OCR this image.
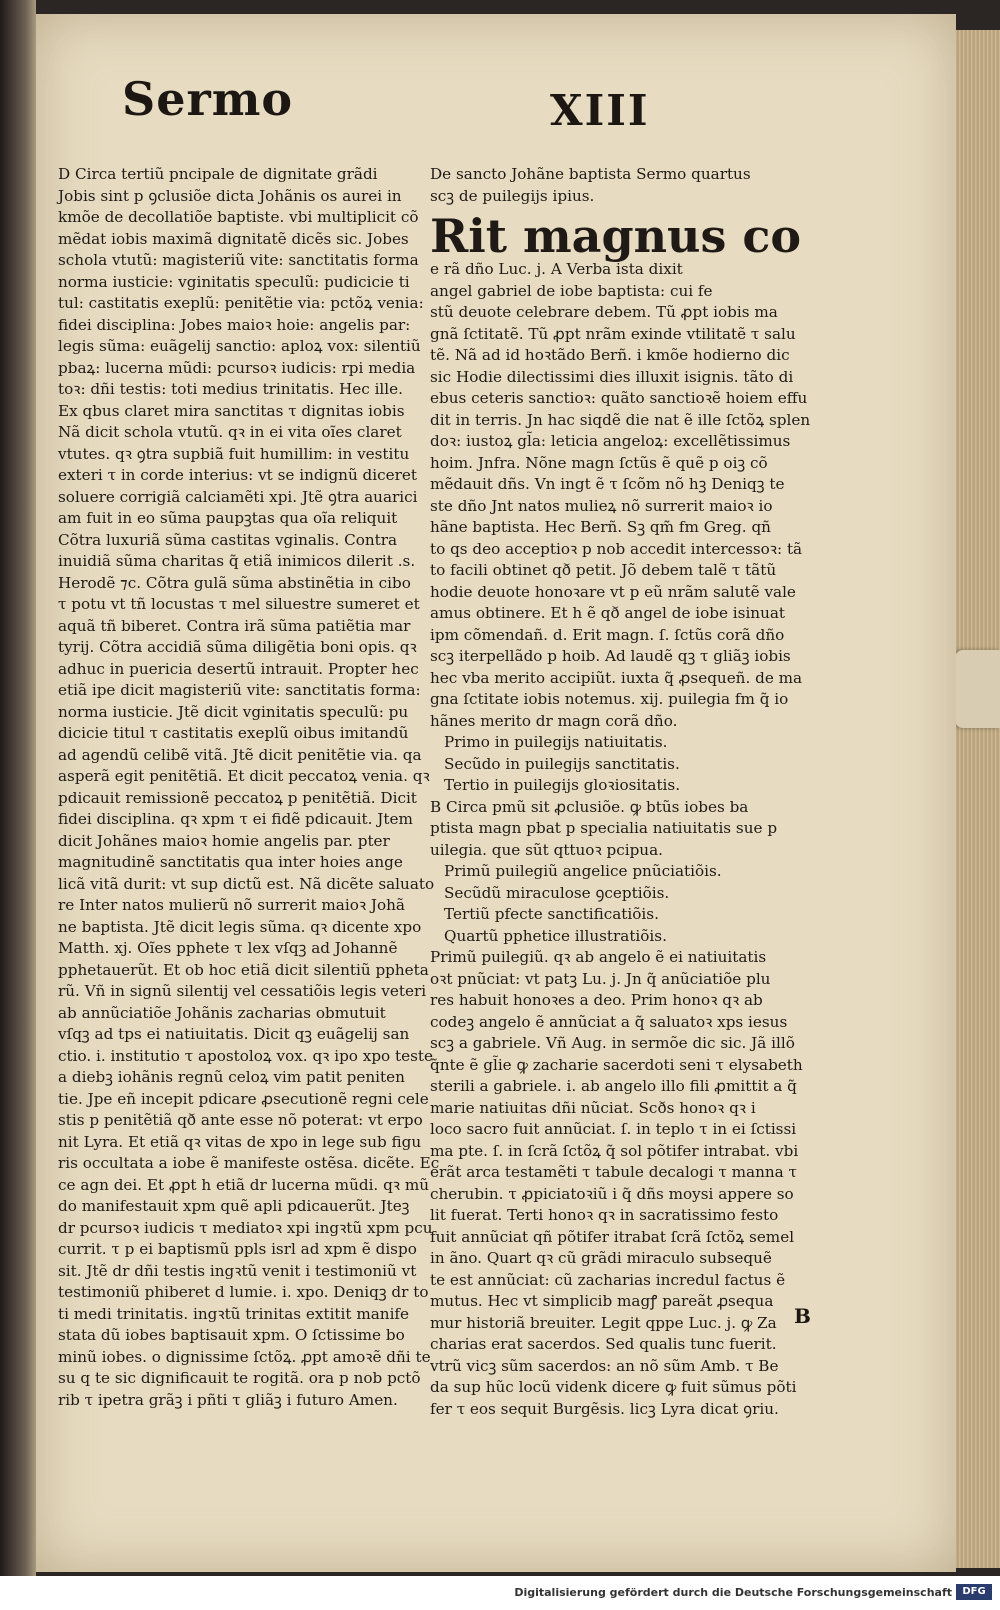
Sermo	XIII

D Circa tertiũ pncipale de dignitate grãdi

Jobis sint p ꝯclusiõe dicta Johãnis os aurei in

kmõe de decollatiõe baptiste. vbi multiplicit cõ

mẽdat iobis maximã dignitatẽ dicẽs sic. Jobes

schola vtutũ: magisteriũ vite: sanctitatis forma

norma iusticie: vginitatis speculũ: pudicicie ti

tul: castitatis exeplũ: penitẽtie via: pctõꝝ venia:

fidei disciplina: Jobes maioꝛ hoie: angelis par:

legis sũma: euãgelij sanctio: aploꝝ vox: silentiũ

pbaꝝ: lucerna mũdi: pcursoꝛ iudicis: rpi media

toꝛ: dñi testis: toti medius trinitatis. Hec ille.

Ex qbus claret mira sanctitas τ dignitas iobis

Nã dicit schola vtutũ. qꝛ in ei vita oĩes claret

vtutes. qꝛ ꝯtra supbiã fuit humillim: in vestitu

exteri τ in corde interius: vt se indignũ diceret

soluere corrigiã calciamẽti xpi. Jtẽ ꝯtra auarici

am fuit in eo sũma paupꝫtas qua oĩa reliquit

Cõtra luxuriã sũma castitas vginalis. Contra

inuidiã sũma charitas q̃ etiã inimicos dilerit .s.

Herodẽ ⁊c. Cõtra gulã sũma abstinẽtia in cibo

τ potu vt tñ locustas τ mel siluestre sumeret et

aquã tñ biberet. Contra irã sũma patiẽtia mar

tyrij. Cõtra accidiã sũma diligẽtia boni opis. qꝛ

adhuc in puericia desertũ intrauit. Propter hec

etiã ipe dicit magisteriũ vite: sanctitatis forma:

norma iusticie. Jtẽ dicit vginitatis speculũ: pu

dicicie titul τ castitatis exeplũ oibus imitandũ

ad agendũ celibẽ vitã. Jtẽ dicit penitẽtie via. qa

asperã egit penitẽtiã. Et dicit peccatoꝝ venia. qꝛ

pdicauit remissionẽ peccatoꝝ p penitẽtiã. Dicit

fidei disciplina. qꝛ xpm τ ei fidẽ pdicauit. Jtem

dicit Johãnes maioꝛ homie angelis par. pter

magnitudinẽ sanctitatis qua inter hoies ange

licã vitã durit: vt sup dictũ est. Nã dicẽte saluato

re Inter natos mulierũ nõ surrerit maioꝛ Johã

ne baptista. Jtẽ dicit legis sũma. qꝛ dicente xpo

Matth. xj. Oĩes pphete τ lex vſqꝫ ad Johannẽ

pphetauerũt. Et ob hoc etiã dicit silentiũ ppheta

rũ. Vñ in signũ silentij vel cessatiõis legis veteri

ab annũciatiõe Johãnis zacharias obmutuit

vſqꝫ ad tps ei natiuitatis. Dicit qꝫ euãgelij san

ctio. i. institutio τ apostoloꝝ vox. qꝛ ipo xpo teste

a diebꝫ iohãnis regnũ celoꝝ vim patit peniten

tie. Jpe eñ incepit pdicare ꝓsecutionẽ regni cele

stis p penitẽtiã qð ante esse nõ poterat: vt erpo

nit Lyra. Et etiã qꝛ vitas de xpo in lege sub figu

ris occultata a iobe ẽ manifeste ostẽsa. dicẽte. Ec

ce agn dei. Et ꝓpt h etiã dr lucerna mũdi. qꝛ mũ

do manifestauit xpm quẽ apli pdicauerũt. Jteꝫ

dr pcursoꝛ iudicis τ mediatoꝛ xpi ingꝛtũ xpm pcu

currit. τ p ei baptismũ ppls isrl ad xpm ẽ dispo

sit. Jtẽ dr dñi testis ingꝛtũ venit i testimoniũ vt

testimoniũ phiberet d lumie. i. xpo. Deniqꝫ dr to

ti medi trinitatis. ingꝛtũ trinitas extitit manife

stata dũ iobes baptisauit xpm. O ſctissime bo

minũ iobes. o dignissime ſctõꝝ. ꝓpt amoꝛẽ dñi te

su q te sic dignificauit te rogitã. ora p nob pctõ

rib τ ipetra grãꝫ i pñti τ gliãꝫ i futuro Amen.

De sancto Johãne baptista Sermo quartus

scꝫ de puilegijs ipius.

Rit magnus co

e rã dño Luc. j. A Verba ista dixit

angel gabriel de iobe baptista: cui fe

stũ deuote celebrare debem. Tũ ꝓpt iobis ma

gnã ſctitatẽ. Tũ ꝓpt nrãm exinde vtilitatẽ τ salu

tẽ. Nã ad id hoꝛtãdo Berñ. i kmõe hodierno dic

sic Hodie dilectissimi dies illuxit isignis. tãto di

ebus ceteris sanctioꝛ: quãto sanctioꝛẽ hoiem effu

dit in terris. Jn hac siqdẽ die nat ẽ ille ſctõꝝ splen

doꝛ: iustoꝝ gl̃a: leticia angeloꝝ: excellẽtissimus

hoim. Jnfra. Nõne magn ſctũs ẽ quẽ p oiꝫ cõ

mẽdauit dñs. Vn ingt ẽ τ ſcõm nõ hꝫ Deniqꝫ te

ste dño Jnt natos mulieꝝ nõ surrerit maioꝛ io

hãne baptista. Hec Berñ. Sꝫ qm̃ fm Greg. qñ

to qs deo acceptioꝛ p nob accedit intercessoꝛ: tã

to facili obtinet qð petit. Jõ debem talẽ τ tãtũ

hodie deuote honoꝛare vt p eũ nrãm salutẽ vale

amus obtinere. Et h ẽ qð angel de iobe isinuat

ipm cõmendañ. d. Erit magn. ſ. ſctũs corã dño

scꝫ iterpellãdo p hoib. Ad laudẽ qꝫ τ gliãꝫ iobis

hec vba merito accipiũt. iuxta q̃ ꝓsequeñ. de ma

gna ſctitate iobis notemus. xij. puilegia fm q̃ io

hãnes merito dr magn corã dño.

Primo in puilegijs natiuitatis.

Secũdo in puilegijs sanctitatis.

Tertio in puilegijs gloꝛiositatis.

B Circa pmũ sit ꝓclusiõe. ꝙ btũs iobes ba

ptista magn pbat p specialia natiuitatis sue p

uilegia. que sũt qttuoꝛ pcipua.

Primũ puilegiũ angelice pnũciatiõis.

Secũdũ miraculose ꝯceptiõis.

Tertiũ pfecte sanctificatiõis.

Quartũ pphetice illustratiõis.

Primũ puilegiũ. qꝛ ab angelo ẽ ei natiuitatis

oꝛt pnũciat: vt patꝫ Lu. j. Jn q̃ anũciatiõe plu

res habuit honoꝛes a deo. Prim honoꝛ qꝛ ab

codeꝫ angelo ẽ annũciat a q̃ saluatoꝛ xps iesus

scꝫ a gabriele. Vñ Aug. in sermõe dic sic. Jã illõ

q̃nte ẽ gl̃ie ꝙ zacharie sacerdoti seni τ elysabeth

sterili a gabriele. i. ab angelo illo fili ꝓmittit a q̃

marie natiuitas dñi nũciat. Scðs honoꝛ qꝛ i

loco sacro fuit annũciat. ſ. in teplo τ in ei ſctissi

ma pte. ſ. in ſcrã ſctõꝝ q̃ sol põtifer intrabat. vbi

erãt arca testamẽti τ tabule decalogi τ manna τ

cherubin. τ ꝓpiciatoꝛiũ i q̃ dñs moysi appere so

lit fuerat. Terti honoꝛ qꝛ in sacratissimo festo

fuit annũciat qñ põtifer itrabat ſcrã ſctõꝝ semel

in ãno. Quart qꝛ cũ grãdi miraculo subsequẽ

te est annũciat: cũ zacharias incredul factus ẽ

mutus. Hec vt simplicib magꝭ pareãt ꝓsequa

mur historiã breuiter. Legit qppe Luc. j. ꝙ Za

charias erat sacerdos. Sed qualis tunc fuerit.

vtrũ vicꝫ sũm sacerdos: an nõ sũm Amb. τ Be

da sup hũc locũ videnk dicere ꝙ fuit sũmus põti

fer τ eos sequit Burgẽsis. licꝫ Lyra dicat ꝯriu.

B
Digitalisierung gefördert durch die Deutsche Forschungsgemeinschaft	DFG
